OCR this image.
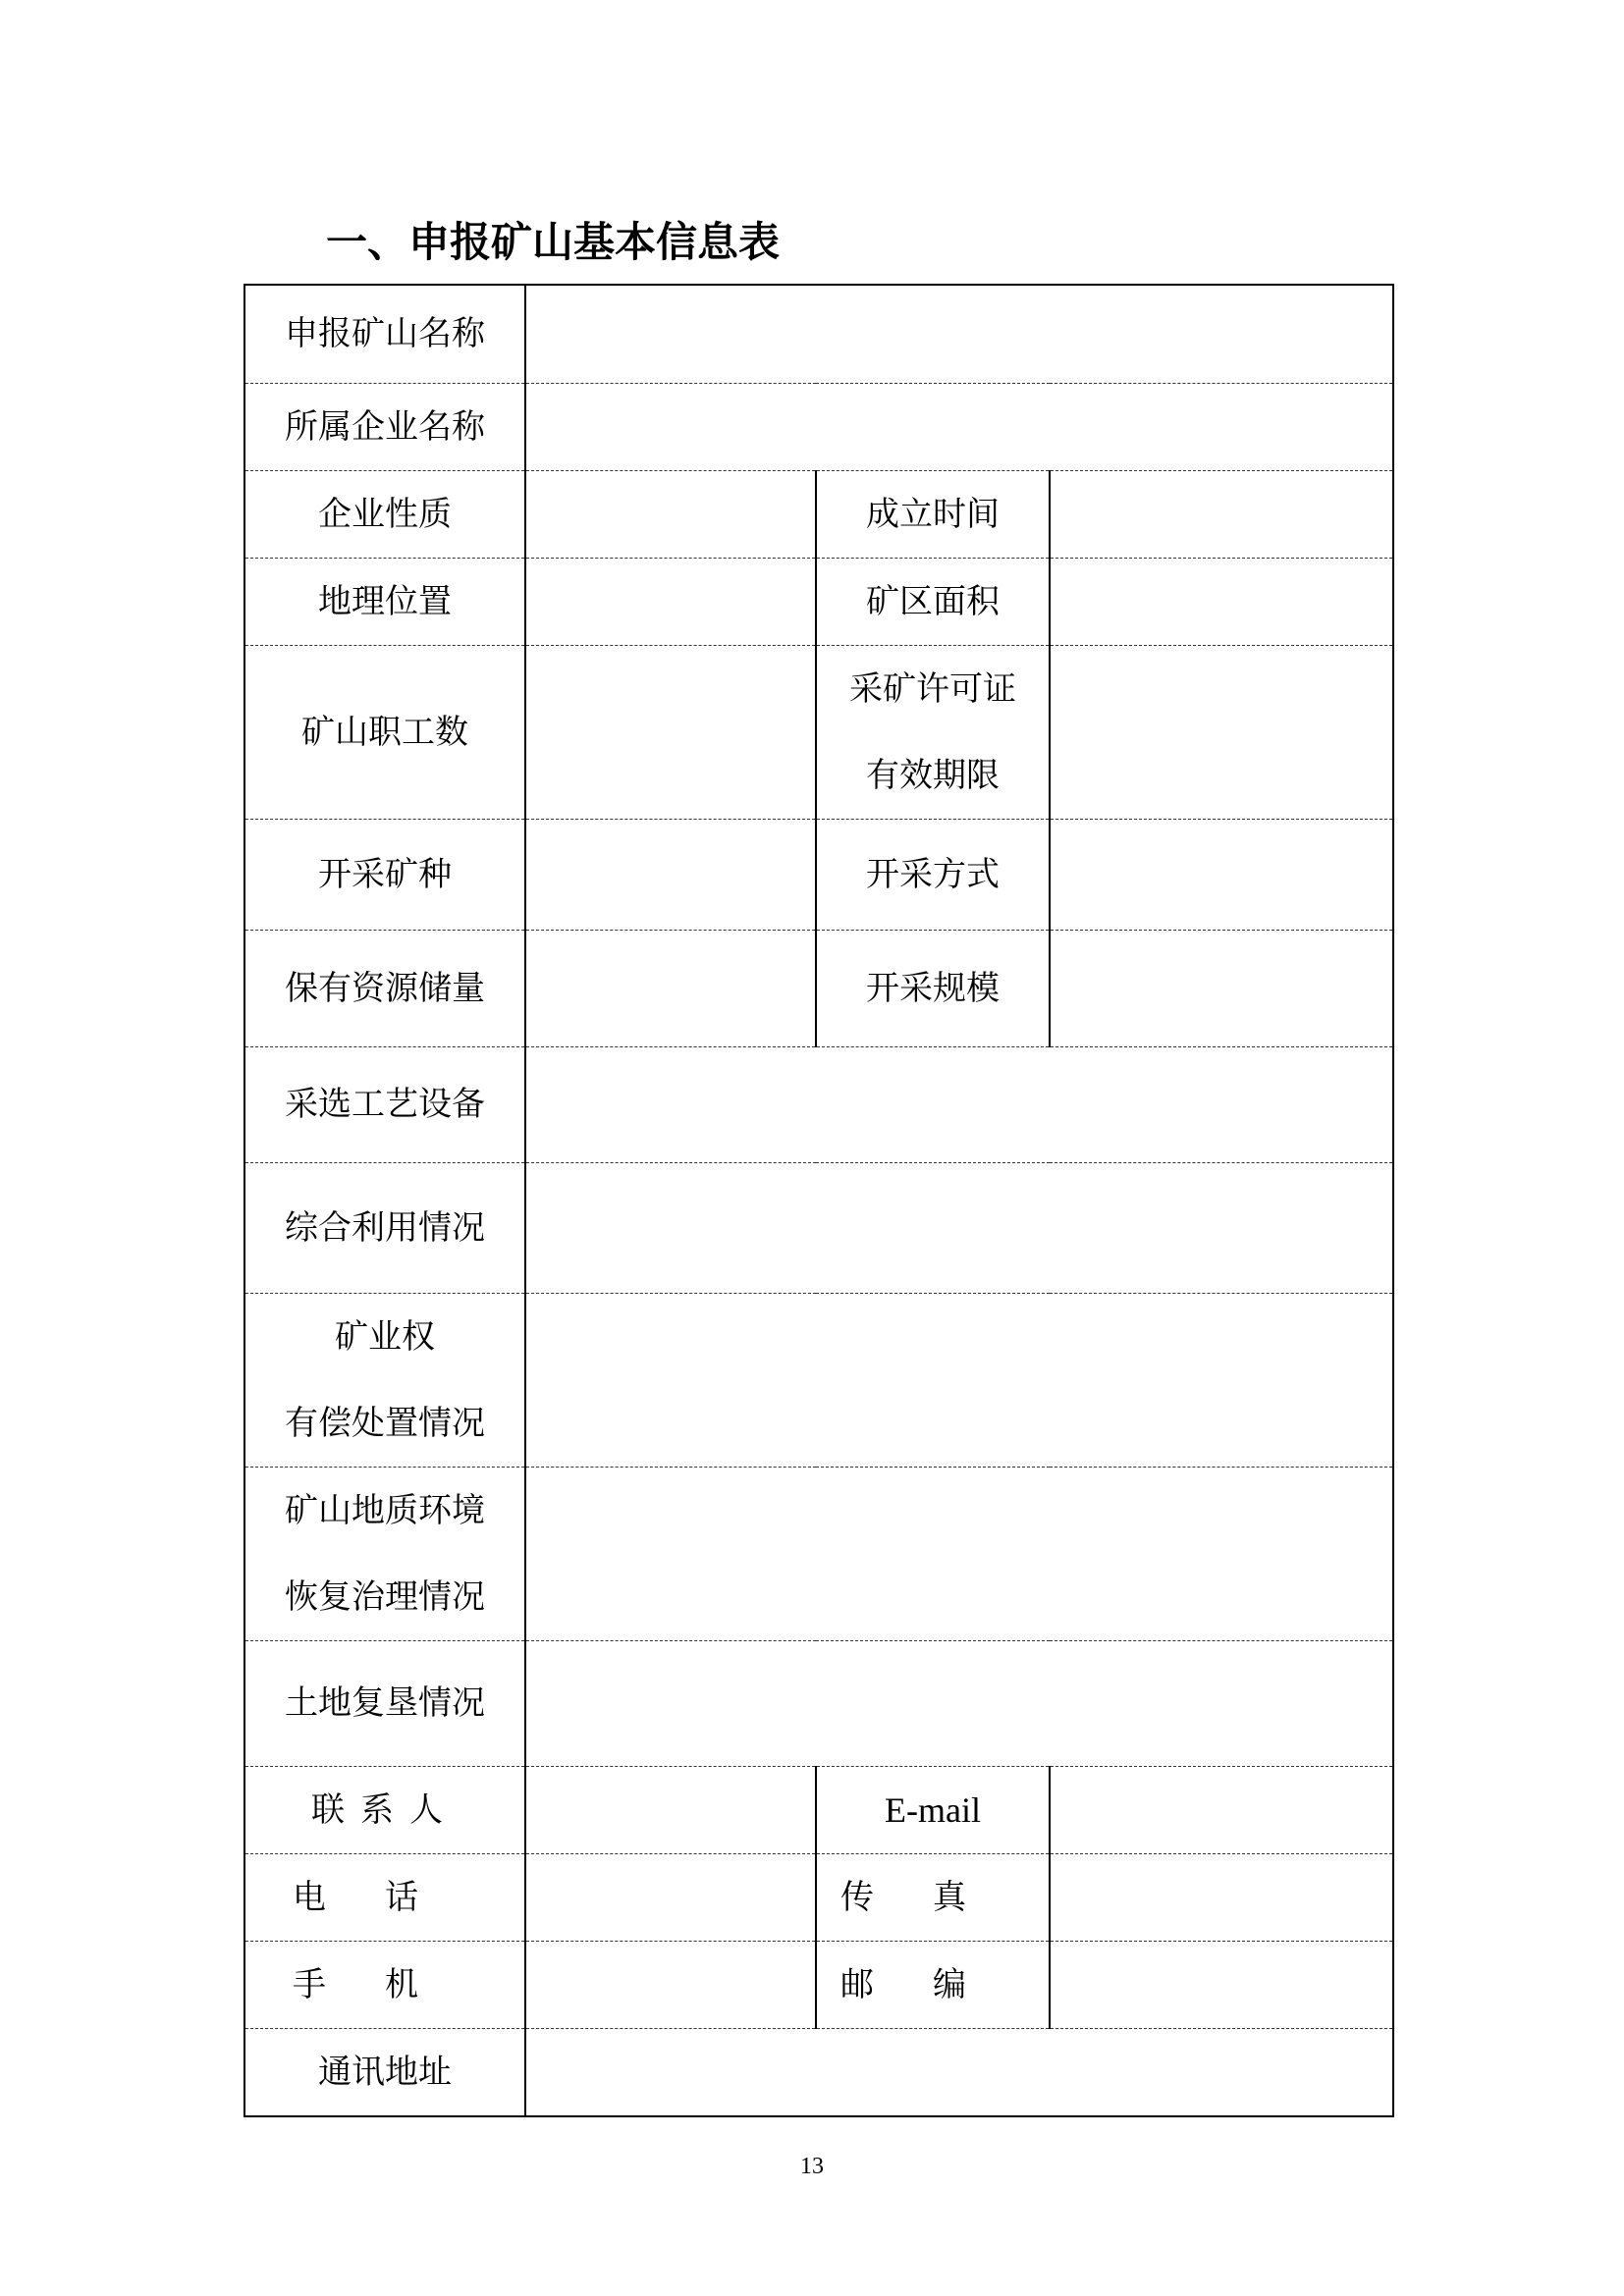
一、申报矿山基本信息表
申报矿山名称			
所属企业名称			
企业性质		成立时间	
地理位置		矿区面积	
矿山职工数		采矿许可证
有效期限	

开采矿种		开采方式	
保有资源储量		开采规模	
采选工艺设备			
综合利用情况			

矿业权
有偿处置情况			

矿山地质环境
恢复治理情况			

土地复垦情况			
联系人		E-mail	
电话		传真	
手机		邮编	
通讯地址			
13
